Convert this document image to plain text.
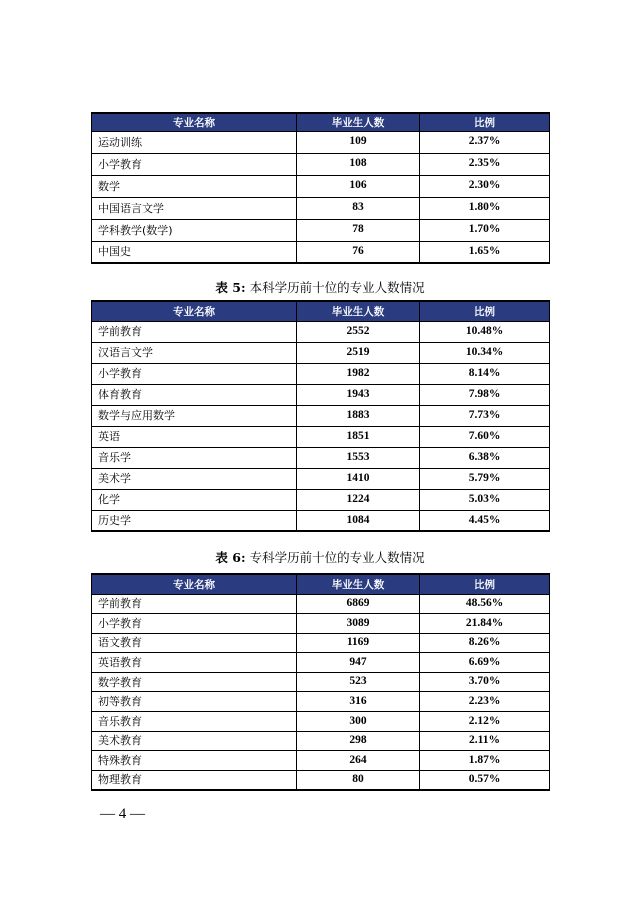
专业名称	毕业生人数	比例
运动训练	109	2.37%
小学教育	108	2.35%
数学	106	2.30%
中国语言文学	83	1.80%
学科教学(数学)	78	1.70%
中国史	76	1.65%
表 5: 本科学历前十位的专业人数情况
专业名称	毕业生人数	比例
学前教育	2552	10.48%
汉语言文学	2519	10.34%
小学教育	1982	8.14%
体育教育	1943	7.98%
数学与应用数学	1883	7.73%
英语	1851	7.60%
音乐学	1553	6.38%
美术学	1410	5.79%
化学	1224	5.03%
历史学	1084	4.45%
表 6: 专科学历前十位的专业人数情况
专业名称	毕业生人数	比例
学前教育	6869	48.56%
小学教育	3089	21.84%
语文教育	1169	8.26%
英语教育	947	6.69%
数学教育	523	3.70%
初等教育	316	2.23%
音乐教育	300	2.12%
美术教育	298	2.11%
特殊教育	264	1.87%
物理教育	80	0.57%
— 4 —
